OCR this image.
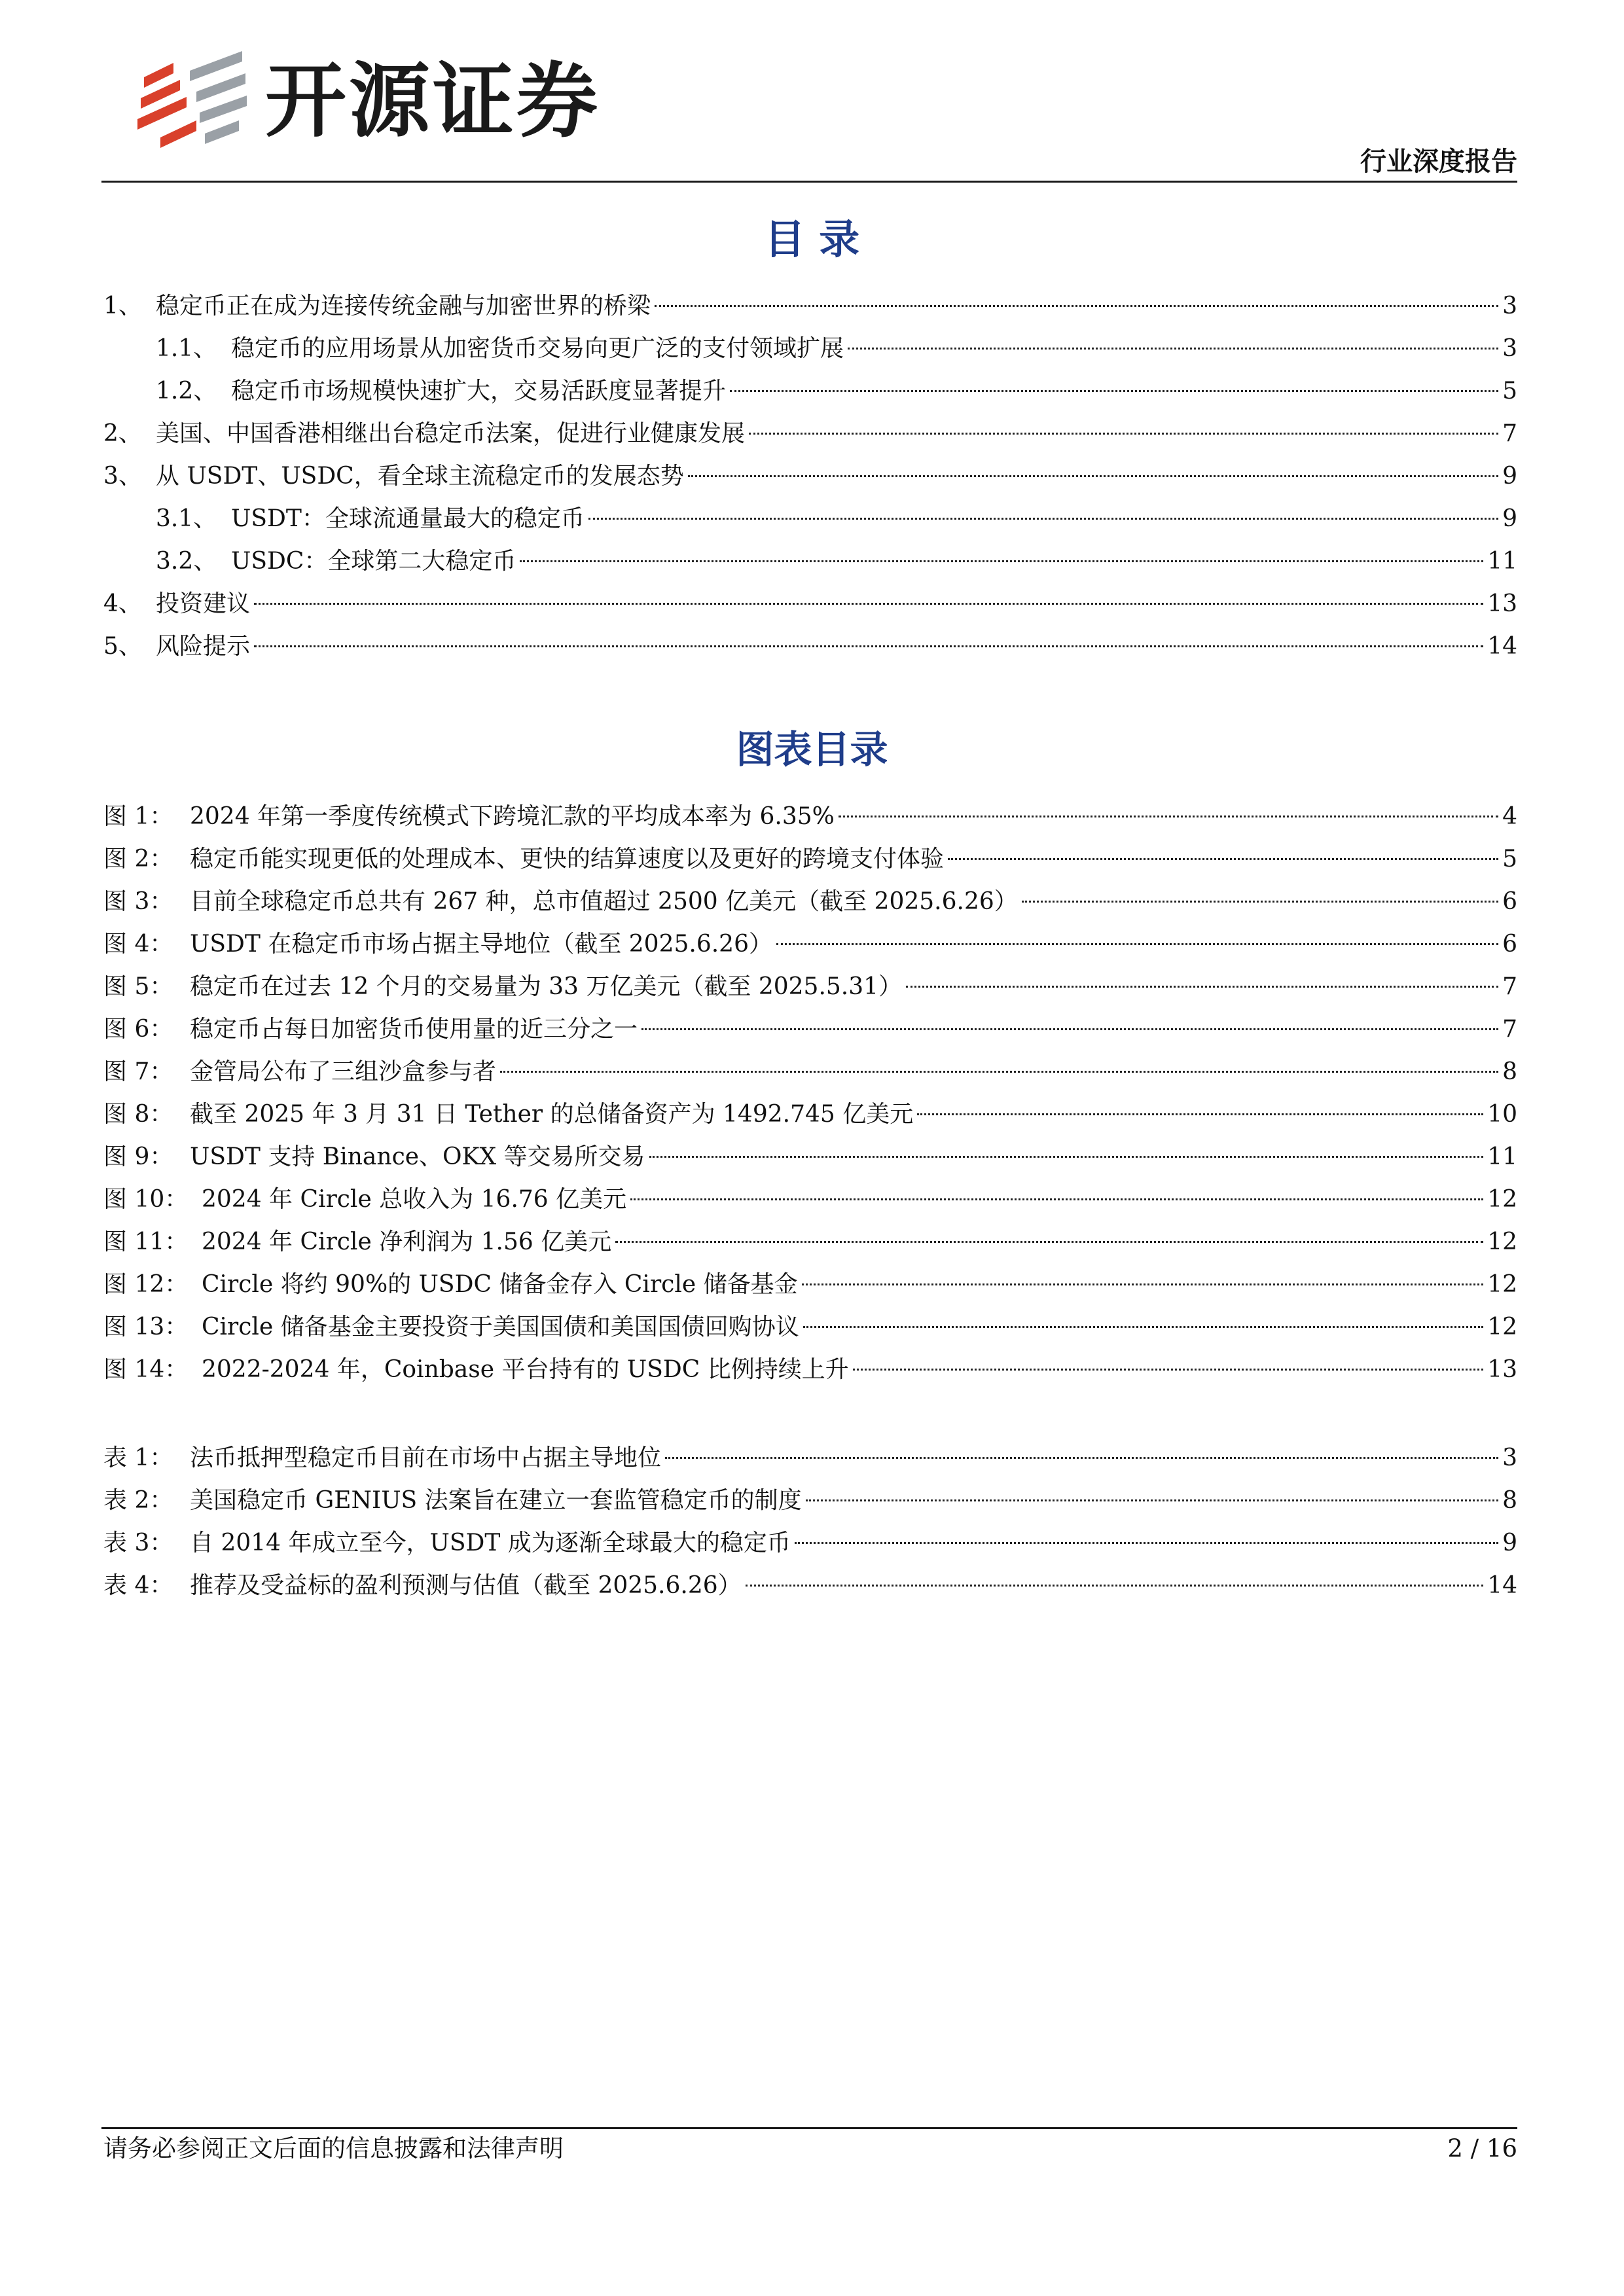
开源证券
行业深度报告
目 录
1、 稳定币正在成为连接传统金融与加密世界的桥梁	3
1.1、 稳定币的应用场景从加密货币交易向更广泛的支付领域扩展	3
1.2、 稳定币市场规模快速扩大，交易活跃度显著提升	5
2、 美国、中国香港相继出台稳定币法案，促进行业健康发展	7
3、 从 USDT、USDC，看全球主流稳定币的发展态势	9
3.1、 USDT：全球流通量最大的稳定币	9
3.2、 USDC：全球第二大稳定币	11
4、 投资建议	13
5、 风险提示	14
图表目录
图 1： 2024 年第一季度传统模式下跨境汇款的平均成本率为 6.35%	4
图 2： 稳定币能实现更低的处理成本、更快的结算速度以及更好的跨境支付体验	5
图 3： 目前全球稳定币总共有 267 种，总市值超过 2500 亿美元（截至 2025.6.26）	6
图 4： USDT 在稳定币市场占据主导地位（截至 2025.6.26）	6
图 5： 稳定币在过去 12 个月的交易量为 33 万亿美元（截至 2025.5.31）	7
图 6： 稳定币占每日加密货币使用量的近三分之一	7
图 7： 金管局公布了三组沙盒参与者	8
图 8： 截至 2025 年 3 月 31 日 Tether 的总储备资产为 1492.745 亿美元	10
图 9： USDT 支持 Binance、OKX 等交易所交易	11
图 10： 2024 年 Circle 总收入为 16.76 亿美元	12
图 11： 2024 年 Circle 净利润为 1.56 亿美元	12
图 12： Circle 将约 90%的 USDC 储备金存入 Circle 储备基金	12
图 13： Circle 储备基金主要投资于美国国债和美国国债回购协议	12
图 14： 2022-2024 年，Coinbase 平台持有的 USDC 比例持续上升	13
表 1： 法币抵押型稳定币目前在市场中占据主导地位	3
表 2： 美国稳定币 GENIUS 法案旨在建立一套监管稳定币的制度	8
表 3： 自 2014 年成立至今，USDT 成为逐渐全球最大的稳定币	9
表 4： 推荐及受益标的盈利预测与估值（截至 2025.6.26）	14
请务必参阅正文后面的信息披露和法律声明	2 / 16
